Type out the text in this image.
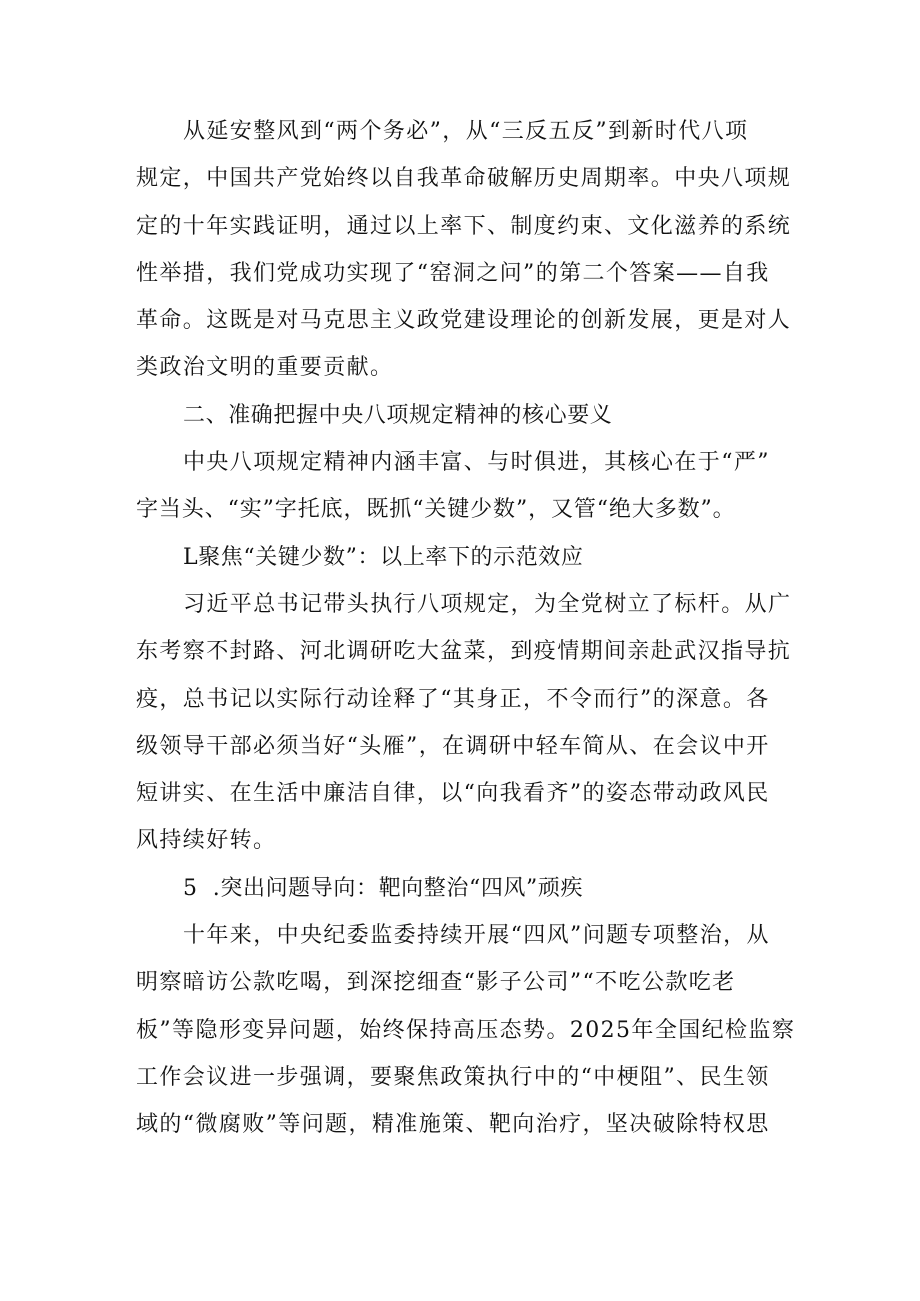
从延安整风到“两个务必”，从“三反五反”到新时代八项
规定，中国共产党始终以自我革命破解历史周期率。中央八项规
定的十年实践证明，通过以上率下、制度约束、文化滋养的系统
性举措，我们党成功实现了“窑洞之问”的第二个答案——自我
革命。这既是对马克思主义政党建设理论的创新发展，更是对人
类政治文明的重要贡献。
二、准确把握中央八项规定精神的核心要义
中央八项规定精神内涵丰富、与时俱进，其核心在于“严”
字当头、“实”字托底，既抓“关键少数”，又管“绝大多数”。
L聚焦“关键少数”：以上率下的示范效应
习近平总书记带头执行八项规定，为全党树立了标杆。从广
东考察不封路、河北调研吃大盆菜，到疫情期间亲赴武汉指导抗
疫，总书记以实际行动诠释了“其身正，不令而行”的深意。各
级领导干部必须当好“头雁”，在调研中轻车简从、在会议中开
短讲实、在生活中廉洁自律，以“向我看齐”的姿态带动政风民
风持续好转。
5  .突出问题导向：靶向整治“四风”顽疾
十年来，中央纪委监委持续开展“四风”问题专项整治，从
明察暗访公款吃喝，到深挖细查“影子公司”“不吃公款吃老
板”等隐形变异问题，始终保持高压态势。2025年全国纪检监察
工作会议进一步强调，要聚焦政策执行中的“中梗阻”、民生领
域的“微腐败”等问题，精准施策、靶向治疗，坚决破除特权思
